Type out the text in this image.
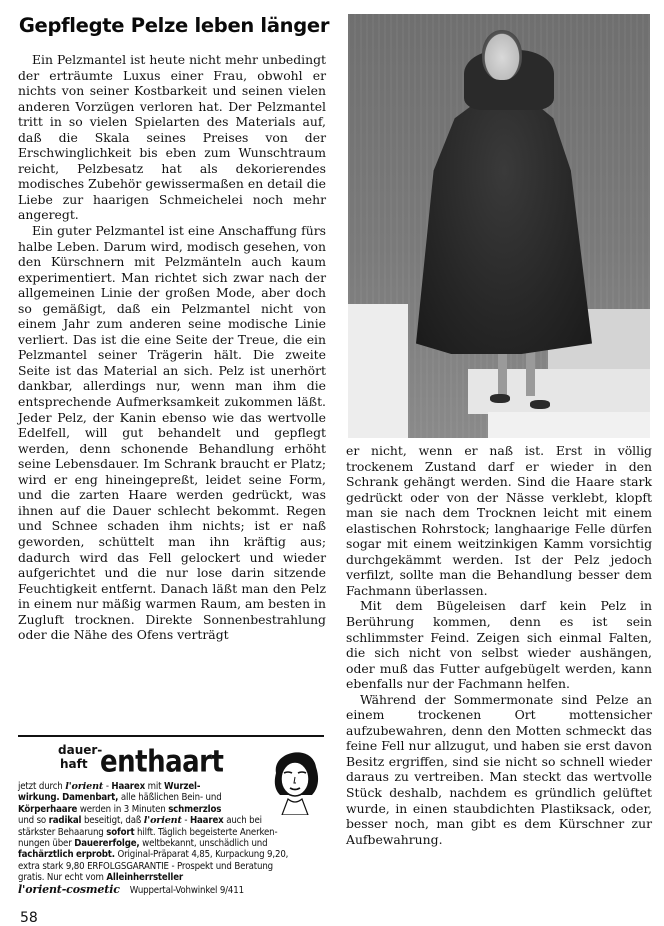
Gepflegte Pelze leben länger

Ein Pelzmantel ist heute nicht mehr unbedingt der erträumte Luxus einer Frau, obwohl er nichts von seiner Kostbarkeit und seinen vielen anderen Vorzügen verloren hat. Der Pelzmantel tritt in so vielen Spielarten des Materials auf, daß die Skala seines Preises von der Erschwinglichkeit bis eben zum Wunschtraum reicht, Pelzbesatz hat als dekorierendes modisches Zubehör gewissermaßen en detail die Liebe zur haarigen Schmeichelei noch mehr angeregt.

Ein guter Pelzmantel ist eine Anschaffung fürs halbe Leben. Darum wird, modisch gesehen, von den Kürschnern mit Pelzmänteln auch kaum experimentiert. Man richtet sich zwar nach der allgemeinen Linie der großen Mode, aber doch so gemäßigt, daß ein Pelzmantel nicht von einem Jahr zum anderen seine modische Linie verliert. Das ist die eine Seite der Treue, die ein Pelzmantel seiner Trägerin hält. Die zweite Seite ist das Material an sich. Pelz ist unerhört dankbar, allerdings nur, wenn man ihm die entsprechende Aufmerksamkeit zukommen läßt. Jeder Pelz, der Kanin ebenso wie das wertvolle Edelfell, will gut behandelt und gepflegt werden, denn schonende Behandlung erhöht seine Lebensdauer. Im Schrank braucht er Platz; wird er eng hineingepreßt, leidet seine Form, und die zarten Haare werden gedrückt, was ihnen auf die Dauer schlecht bekommt. Regen und Schnee schaden ihm nichts; ist er naß geworden, schüttelt man ihn kräftig aus; dadurch wird das Fell gelockert und wieder aufgerichtet und die nur lose darin sitzende Feuchtigkeit entfernt. Danach läßt man den Pelz in einem nur mäßig warmen Raum, am besten in Zugluft trocknen. Direkte Sonnenbestrahlung oder die Nähe des Ofens verträgt

er nicht, wenn er naß ist. Erst in völlig trockenem Zustand darf er wieder in den Schrank gehängt werden. Sind die Haare stark gedrückt oder von der Nässe verklebt, klopft man sie nach dem Trocknen leicht mit einem elastischen Rohrstock; langhaarige Felle dürfen sogar mit einem weitzinkigen Kamm vorsichtig durchgekämmt werden. Ist der Pelz jedoch verfilzt, sollte man die Behandlung besser dem Fachmann überlassen.

Mit dem Bügeleisen darf kein Pelz in Berührung kommen, denn es ist sein schlimmster Feind. Zeigen sich einmal Falten, die sich nicht von selbst wieder aushängen, oder muß das Futter aufgebügelt werden, kann ebenfalls nur der Fachmann helfen.

Während der Sommermonate sind Pelze an einem trockenen Ort mottensicher aufzubewahren, denn den Motten schmeckt das feine Fell nur allzugut, und haben sie erst davon Besitz ergriffen, sind sie nicht so schnell wieder daraus zu vertreiben. Man steckt das wertvolle Stück deshalb, nachdem es gründlich gelüftet wurde, in einen staubdichten Plastiksack, oder, besser noch, man gibt es dem Kürschner zur Aufbewahrung.

dauer-
haft enthaart
jetzt durch l'orient - Haarex mit Wurzel-
wirkung. Damenbart, alle häßlichen Bein- und
Körperhaare werden in 3 Minuten schmerzlos
und so radikal beseitigt, daß l'orient - Haarex auch bei
stärkster Behaarung sofort hilft. Täglich begeisterte Anerken-
nungen über Dauererfolge, weltbekannt, unschädlich und
fachärztlich erprobt. Original-Präparat 4,85, Kurpackung 9,20,
extra stark 9,80 ERFOLGSGARANTIE - Prospekt und Beratung
gratis. Nur echt vom Alleinherrsteller
l'orient-cosmetic Wuppertal-Vohwinkel 9/411
58
